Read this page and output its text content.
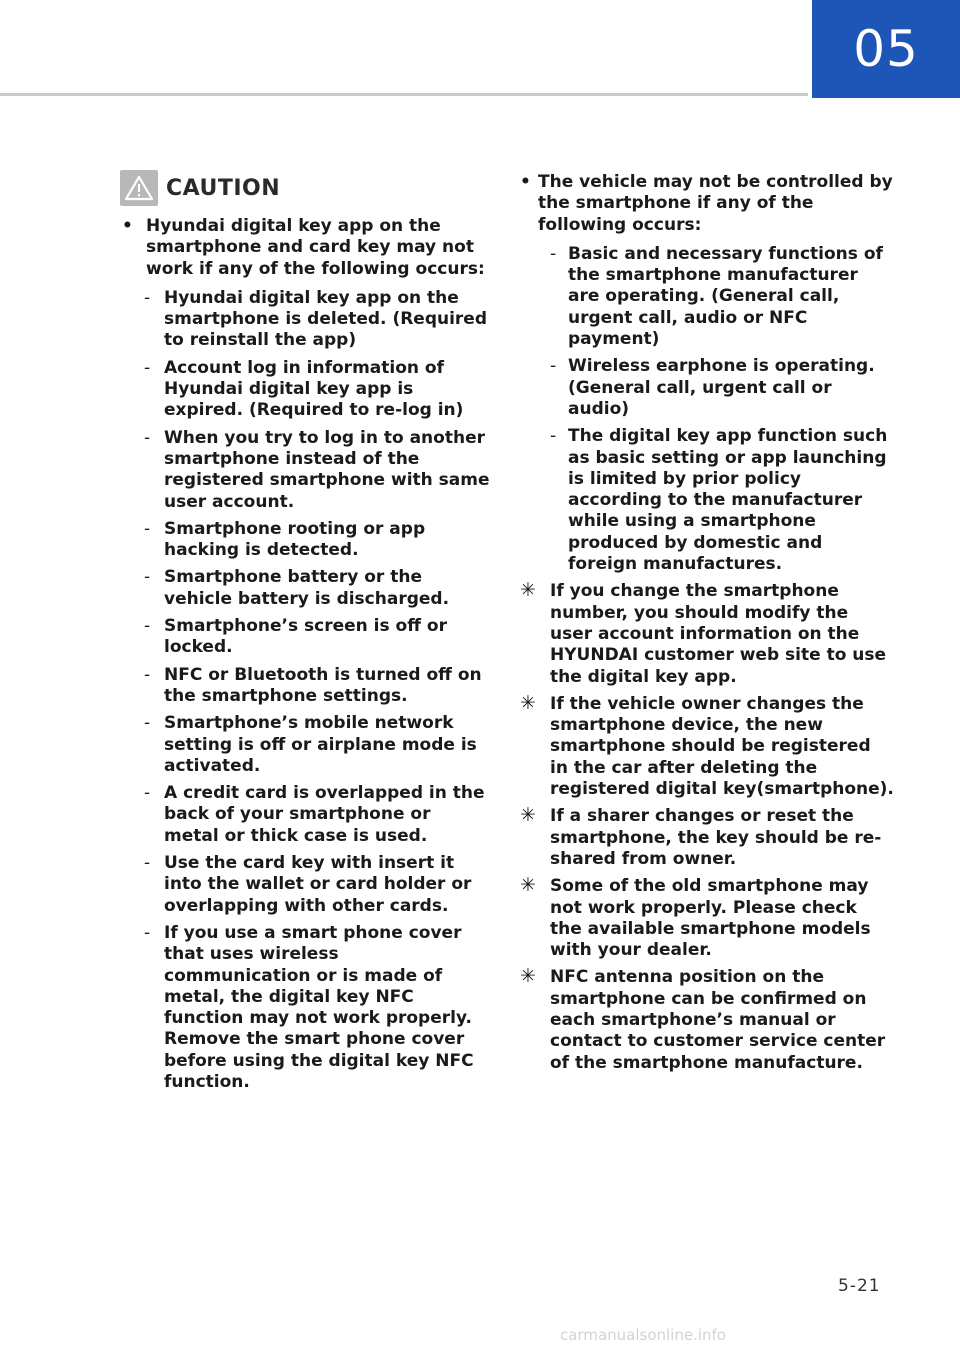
05
CAUTION
• Hyundai digital key app on the smartphone and card key may not work if any of the following occurs:
- Hyundai digital key app on the smartphone is deleted. (Required to reinstall the app)
- Account log in information of Hyundai digital key app is expired. (Required to re-log in)
- When you try to log in to another smartphone instead of the registered smartphone with same user account.
- Smartphone rooting or app hacking is detected.
- Smartphone battery or the vehicle battery is discharged.
- Smartphone’s screen is off or locked.
- NFC or Bluetooth is turned off on the smartphone settings.
- Smartphone’s mobile network setting is off or airplane mode is activated.
- A credit card is overlapped in the back of your smartphone or metal or thick case is used.
- Use the card key with insert it into the wallet or card holder or overlapping with other cards.
- If you use a smart phone cover that uses wireless communication or is made of metal, the digital key NFC function may not work properly. Remove the smart phone cover before using the digital key NFC function.
• The vehicle may not be controlled by the smartphone if any of the following occurs:
- Basic and necessary functions of the smartphone manufacturer are operating. (General call, urgent call, audio or NFC payment)
- Wireless earphone is operating. (General call, urgent call or audio)
- The digital key app function such as basic setting or app launching is limited by prior policy according to the manufacturer while using a smartphone produced by domestic and foreign manufactures.
✳ If you change the smartphone number, you should modify the user account information on the HYUNDAI customer web site to use the digital key app.
✳ If the vehicle owner changes the smartphone device, the new smartphone should be registered in the car after deleting the registered digital key(smartphone).
✳ If a sharer changes or reset the smartphone, the key should be re-shared from owner.
✳ Some of the old smartphone may not work properly. Please check the available smartphone models with your dealer.
✳ NFC antenna position on the smartphone can be confirmed on each smartphone’s manual or contact to customer service center of the smartphone manufacture.
5-21
carmanualsonline.info
